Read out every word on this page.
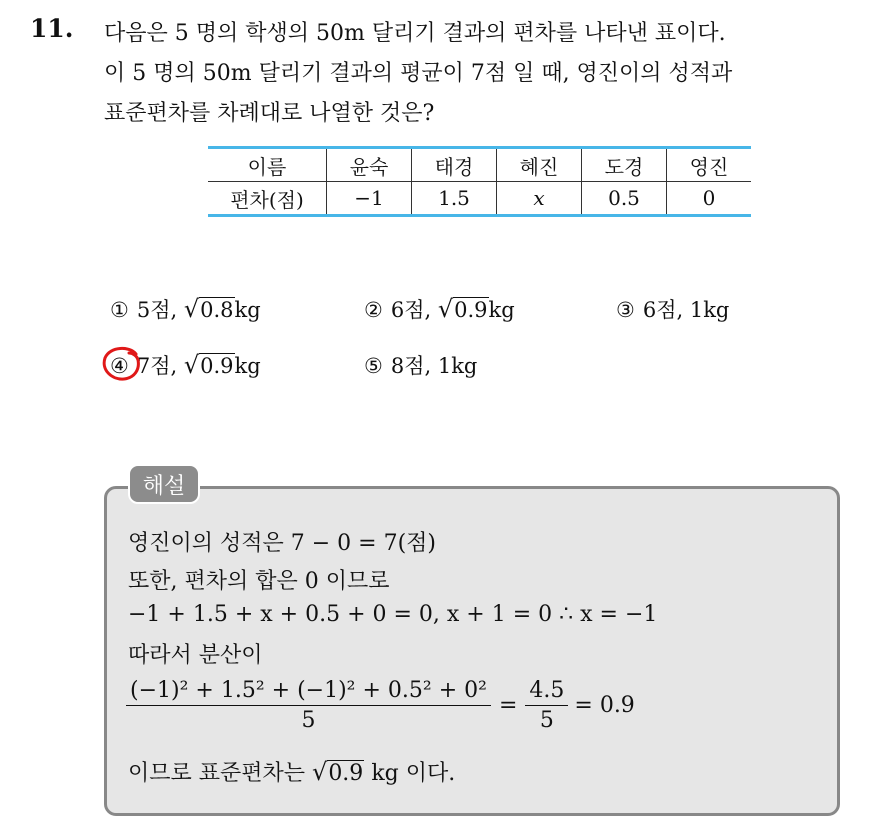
11. 다음은 5 명의 학생의 50m 달리기 결과의 편차를 나타낸 표이다.
이 5 명의 50m 달리기 결과의 평균이 7점 일 때, 영진이의 성적과
표준편차를 차례대로 나열한 것은?
이름	윤숙	태경	혜진	도경	영진
편차(점)	−1	1.5	x	0.5	0
① 5점, √0.8kg	② 6점, √0.9kg	③ 6점, 1kg
④ 7점, √0.9kg	⑤ 8점, 1kg
해설
영진이의 성적은 7 − 0 = 7(점)
또한, 편차의 합은 0 이므로
−1 + 1.5 + x + 0.5 + 0 = 0, x + 1 = 0 ∴ x = −1
따라서 분산이
$\frac{\text{(−1)² + 1.5² + (−1)² + 0.5² + 0²}}{5} = \frac{4.5}{5} = 0.9$
이므로 표준편차는 √0.9 kg 이다.
